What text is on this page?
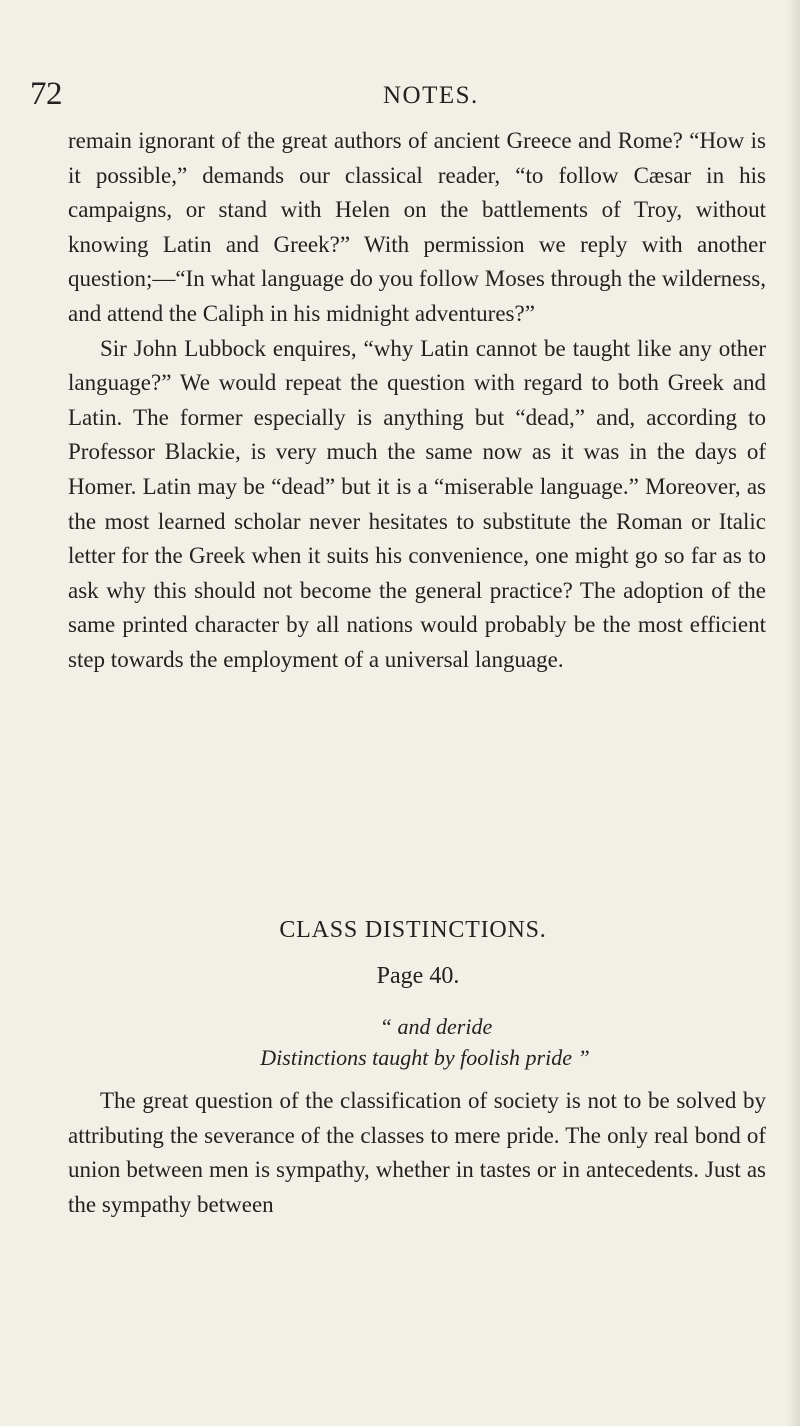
72	NOTES.

remain ignorant of the great authors of ancient Greece and Rome? “How is it possible,” demands our classical reader, “to follow Cæsar in his campaigns, or stand with Helen on the battlements of Troy, without knowing Latin and Greek?” With permission we reply with another question;—“In what language do you follow Moses through the wilderness, and attend the Caliph in his midnight adventures?”

Sir John Lubbock enquires, “why Latin cannot be taught like any other language?” We would repeat the question with regard to both Greek and Latin. The former especially is anything but “dead,” and, according to Professor Blackie, is very much the same now as it was in the days of Homer. Latin may be “dead” but it is a “miserable language.” Moreover, as the most learned scholar never hesitates to substitute the Roman or Italic letter for the Greek when it suits his convenience, one might go so far as to ask why this should not become the general practice? The adoption of the same printed character by all nations would probably be the most efficient step towards the employment of a universal language.

CLASS DISTINCTIONS.
Page 40.
“ and deride
Distinctions taught by foolish pride ”

The great question of the classification of society is not to be solved by attributing the severance of the classes to mere pride. The only real bond of union between men is sympathy, whether in tastes or in antecedents. Just as the sympathy between
